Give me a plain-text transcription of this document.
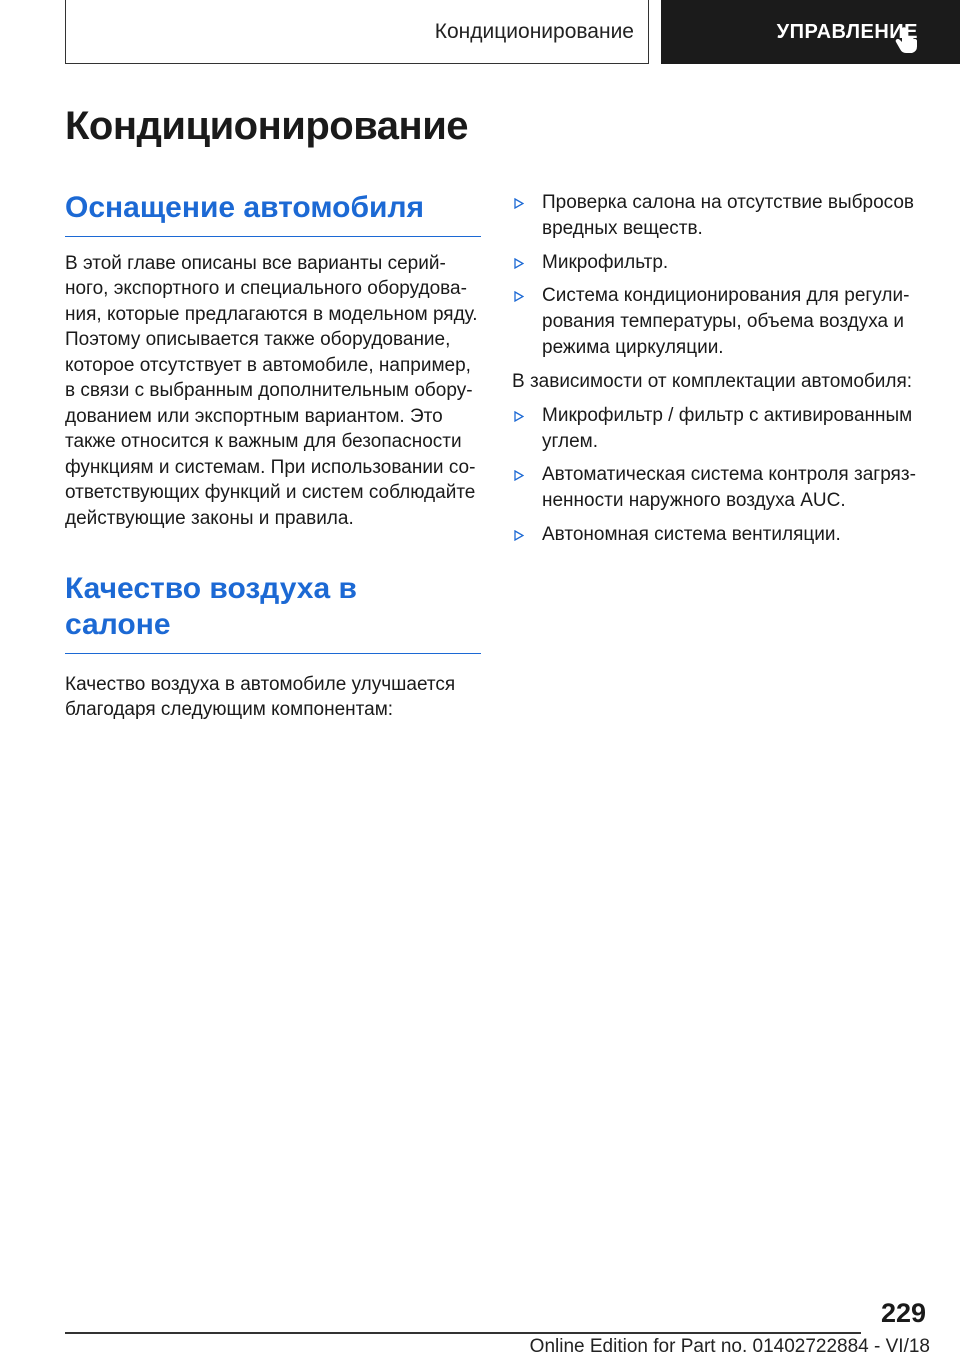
Кондиционирование	УПРАВЛЕНИЕ
Кондиционирование
Оснащение автомобиля

В этой главе описаны все варианты серийного, экспортного и специального оборудования, которые предлагаются в модельном ряду. Поэтому описывается также оборудование, которое отсутствует в автомобиле, например, в связи с выбранным дополнительным оборудованием или экспортным вариантом. Это также относится к важным для безопасности функциям и системам. При использовании соответствующих функций и систем соблюдайте действующие законы и правила.

Качество воздуха в салоне

Качество воздуха в автомобиле улучшается благодаря следующим компонентам:

Проверка салона на отсутствие выбросов вредных веществ.
Микрофильтр.
Система кондиционирования для регулирования температуры, объема воздуха и режима циркуляции.

В зависимости от комплектации автомобиля:

Микрофильтр / фильтр с активированным углем.
Автоматическая система контроля загрязненности наружного воздуха AUC.
Автономная система вентиляции.
229
Online Edition for Part no. 01402722884 - VI/18
